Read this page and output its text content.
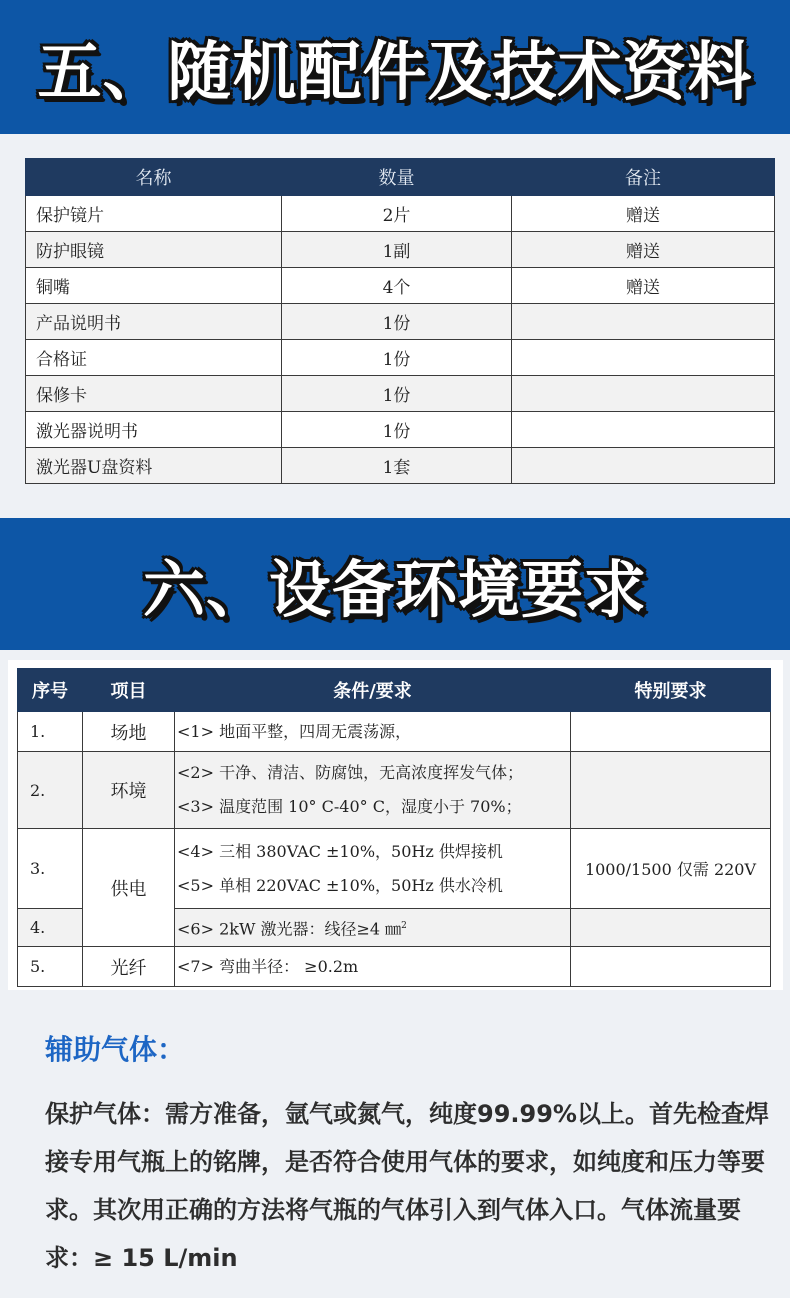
五、随机配件及技术资料
名称	数量	备注
保护镜片	2片	赠送
防护眼镜	1副	赠送
铜嘴	4个	赠送
产品说明书	1份	
合格证	1份	
保修卡	1份	
激光器说明书	1份	
激光器U盘资料	1套	
六、设备环境要求
序号	项目	条件/要求	特别要求
1.	场地	<1> 地面平整，四周无震荡源，	

2.	环境	<2> 干净、清洁、防腐蚀，无高浓度挥发气体；
<3> 温度范围 10° C-40° C，湿度小于 70%；	

3.	供电	<4> 三相 380VAC ±10%，50Hz 供焊接机
<5> 单相 220VAC ±10%，50Hz 供水冷机	1000/1500 仅需 220V
4.		<6> 2kW 激光器：线径≥4 ㎜$^2$

5.	光纤	<7> 弯曲半径： ≥0.2m	

辅助气体：
保护气体：需方准备，氩气或氮气，纯度99.99%以上。首先检查焊接专用气瓶上的铭牌，是否符合使用气体的要求，如纯度和压力等要求。其次用正确的方法将气瓶的气体引入到气体入口。气体流量要求：≥ 15 L/min
